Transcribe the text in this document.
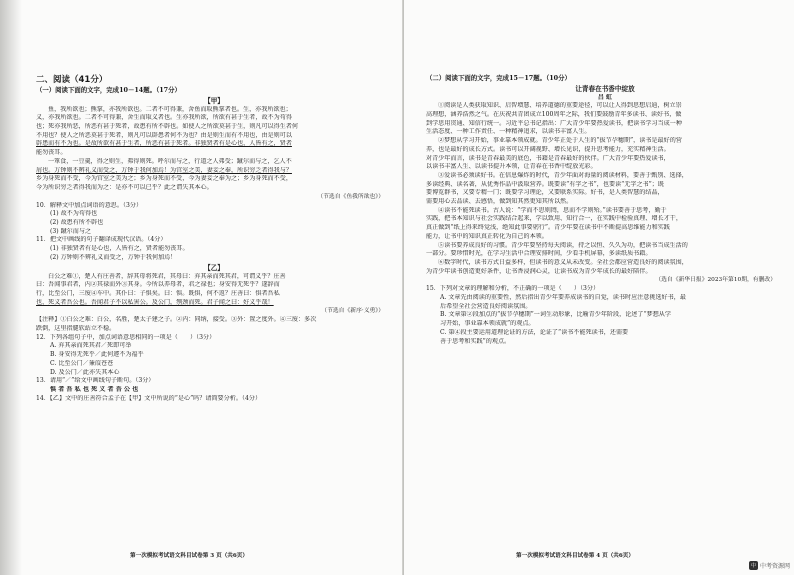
二、阅读（41分）
（一）阅读下面的文字，完成10－14题。（17分）
【甲】
鱼，我所欲也；熊掌，亦我所欲也。二者不可得兼，舍鱼而取熊掌者也。生，亦我所欲也；
义，亦我所欲也。二者不可得兼，舍生而取义者也。生亦我所欲，所欲有甚于生者，故不为苟得
也；死亦我所恶，所恶有甚于死者，故患有所不辟也。如使人之所欲莫甚于生，则凡可以得生者何
不用也？使人之所恶莫甚于死者，则凡可以辟患者何不为也？由是则生而有不用也，由是则可以
辟患而有不为也。是故所欲有甚于生者，所恶有甚于死者。非独贤者有是心也，人皆有之，贤者
能勿丧耳。
一箪食，一豆羹，得之则生，弗得则死。呼尔而与之，行道之人弗受；蹴尔而与之，乞人不
屑也。万钟则不辨礼义而受之，万钟于我何加焉！为宫室之美，妻妾之奉，所识穷乏者得我与？
乡为身死而不受，今为宫室之美为之；乡为身死而不受，今为妻妾之奉为之；乡为身死而不受，
今为所识穷乏者得我而为之：是亦不可以已乎？此之谓失其本心。
（节选自《鱼我所欲也》）
10．解释文中加点词语的意思。（3分）
(1) 故不为苟得也
(2) 故患有所不辟也
(3) 蹴尔而与之
11．把文中画线的句子翻译成现代汉语。（4分）
(1) 非独贤者有是心也，人皆有之，贤者能勿丧耳。
(2) 万钟则不辨礼义而受之，万钟于我何加焉！
【乙】
白公之难①，楚人有庄善者，辞其母将死君，其母曰：弃其亲而死其君，可谓义乎？庄善
曰：吾闻事君者，内②其禄而外③其身。今所以养母者，君之禄也；身安得无死乎？遂辞而
行，比至公门，三废④车中。其仆曰：子惧矣。曰：惧。既惧，何不返？庄善曰：惧者吾私
也，死义者吾公也。吾闻君子不以私害公。及公门，刎颈而死。君子闻之曰：好义乎哉！
（节选自《新序·义勇》）
【注释】①白公之难：白公，名胜，楚太子建之子。②内：同纳，接受。③外：置之度外。④三废：多次
跌倒，这里指腿软站立不稳。
12．下列各组句子中，加点词语意思相同的一项是（　　）（3分）
A. 弃其亲而死其君／死即可举
B. 身安得无死乎／此何遽不为福乎
C. 比至公门／蒹葭苍苍
D. 及公门／此亦失其本心
13．请用“／”给文中画线句子断句。（3分）
惧 者 吾 私 也 死 义 者 吾 公 也
14．【乙】文中的庄善符合孟子在【甲】文中所说的“是心”吗？请简要分析。（4分）
第一次模拟考试语文科目试卷第 3 页（共6页）
（二）阅读下面的文字，完成15－17题。（10分）
让青春在书香中绽放
吕 虹
①阅读是人类获取知识、启智增慧、培养道德的重要途径，可以让人得到思想启迪，树立崇
高理想，涵养浩然之气。在庆祝共青团成立100周年之际，我们要鼓励青年多读书、读好书，做
到学思用贯通、知信行统一。习近平总书记指出：广大青少年要热爱读书，把读书学习当成一种
生活态度、一种工作责任、一种精神追求，以读书丰富人生。
②梦想从学习开始，事业靠本领成就。青少年正处于人生的“拔节孕穗期”，读书是最好的营
养，也是最好的成长方式。读书可以开阔视野、增长见识，提升思考能力，充实精神生活。
对青少年而言，读书是青春最美的底色，书籍是青春最好的伙伴。广大青少年要热爱读书，
以读书丰富人生、以读书提升本领，让青春在书香中绽放光彩。
③爱读书必须读好书。在信息爆炸的时代，青少年面对海量的阅读材料，要善于甄别、选择，
多读经典、读名著，从优秀作品中汲取营养。既要读“有字之书”，也要读“无字之书”；既
要博览群书，又要专精一门；既要学习理论，又要联系实际。好书，是人类智慧的结晶，
需要用心去品读、去感悟，做到知其然更知其所以然。
④读书不能死读书。古人说：“学而不思则罔，思而不学则殆。”读书要善于思考，勤于
实践，把书本知识与社会实践结合起来，学以致用、知行合一，在实践中检验真理、增长才干，
真正做到“纸上得来终觉浅，绝知此事要躬行”。青少年要在读书中不断提高思维能力和实践
能力，让书中的知识真正转化为自己的本领。
⑤读书要养成良好的习惯。青少年要坚持每天阅读，持之以恒、久久为功，把读书当成生活的
一部分。要珍惜时光，在学习生活中合理安排时间，少看手机屏幕，多读纸质书籍。
⑥数字时代，读书方式日益多样，但读书的意义从未改变。全社会都应营造良好的阅读氛围，
为青少年读书创造更好条件，让书香浸润心灵，让读书成为青少年成长的最好陪伴。
（选自《新华日报》2023年第10期，有删改）
15．下列对文章的理解和分析，不正确的一项是（　　）（3分）
A. 文章先由阅读的重要性，然后指出青少年要养成读书的自觉，读书时应注意挑选好书，最
后希望全社会营造良好阅读氛围。
B. 文章第②段加点的“拔节孕穗期”一词生动形象，比喻青少年阶段，论述了“梦想从学
习开始，事业靠本领成就”的观点。
C. 第④段主要运用道理论证的方法，论证了“读书不能死读书，还需要
善于思考和实践”的观点。
第一次模拟考试语文科目试卷第 4 页（共6页）
中 中考资源网
